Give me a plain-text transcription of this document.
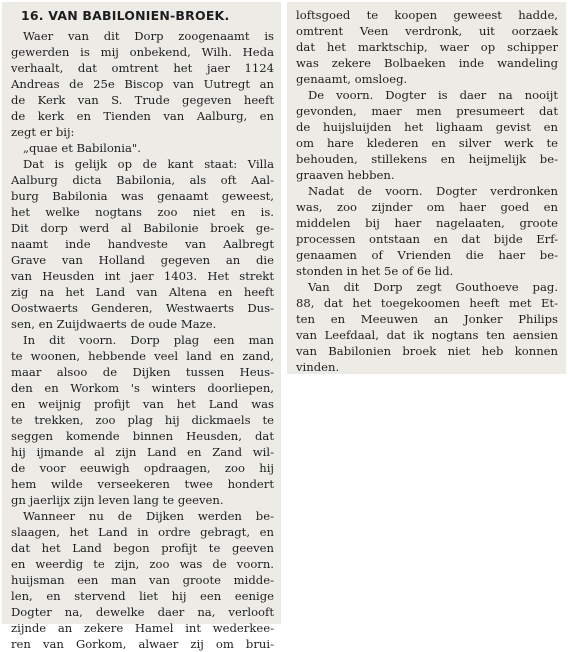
16. VAN BABILONIEN-BROEK.
Waer van dit Dorp zoogenaamt is
gewerden is mij onbekend, Wilh. Heda
verhaalt, dat omtrent het jaer 1124
Andreas de 25e Biscop van Uutregt an
de Kerk van S. Trude gegeven heeft
de kerk en Tienden van Aalburg, en
zegt er bij:
„quae et Babilonia".
Dat is gelijk op de kant staat: Villa
Aalburg dicta Babilonia, als oft Aal-
burg Babilonia was genaamt geweest,
het welke nogtans zoo niet en is.
Dit dorp werd al Babilonie broek ge-
naamt inde handveste van Aalbregt
Grave van Holland gegeven an die
van Heusden int jaer 1403. Het strekt
zig na het Land van Altena en heeft
Oostwaerts Genderen, Westwaerts Dus-
sen, en Zuijdwaerts de oude Maze.
In dit voorn. Dorp plag een man
te woonen, hebbende veel land en zand,
maar alsoo de Dijken tussen Heus-
den en Workom 's winters doorliepen,
en weijnig profijt van het Land was
te trekken, zoo plag hij dickmaels te
seggen komende binnen Heusden, dat
hij ijmande al zijn Land en Zand wil-
de voor eeuwigh opdraagen, zoo hij
hem wilde verseekeren twee hondert
gn jaerlijx zijn leven lang te geeven.
Wanneer nu de Dijken werden be-
slaagen, het Land in ordre gebragt, en
dat het Land begon profijt te geeven
en weerdig te zijn, zoo was de voorn.
huijsman een man van groote midde-
len, en stervend liet hij een eenige
Dogter na, dewelke daer na, verlooft
zijnde an zekere Hamel int wederkee-
ren van Gorkom, alwaer zij om brui-
loftsgoed te koopen geweest hadde,
omtrent Veen verdronk, uit oorzaek
dat het marktschip, waer op schipper
was zekere Bolbaeken inde wandeling
genaamt, omsloeg.
De voorn. Dogter is daer na nooijt
gevonden, maer men presumeert dat
de huijsluijden het lighaam gevist en
om hare klederen en silver werk te
behouden, stillekens en heijmelijk be-
graaven hebben.
Nadat de voorn. Dogter verdronken
was, zoo zijnder om haer goed en
middelen bij haer nagelaaten, groote
processen ontstaan en dat bijde Erf-
genaamen of Vrienden die haer be-
stonden in het 5e of 6e lid.
Van dit Dorp zegt Gouthoeve pag.
88, dat het toegekoomen heeft met Et-
ten en Meeuwen an Jonker Philips
van Leefdaal, dat ik nogtans ten aensien
van Babilonien broek niet heb konnen
vinden.
